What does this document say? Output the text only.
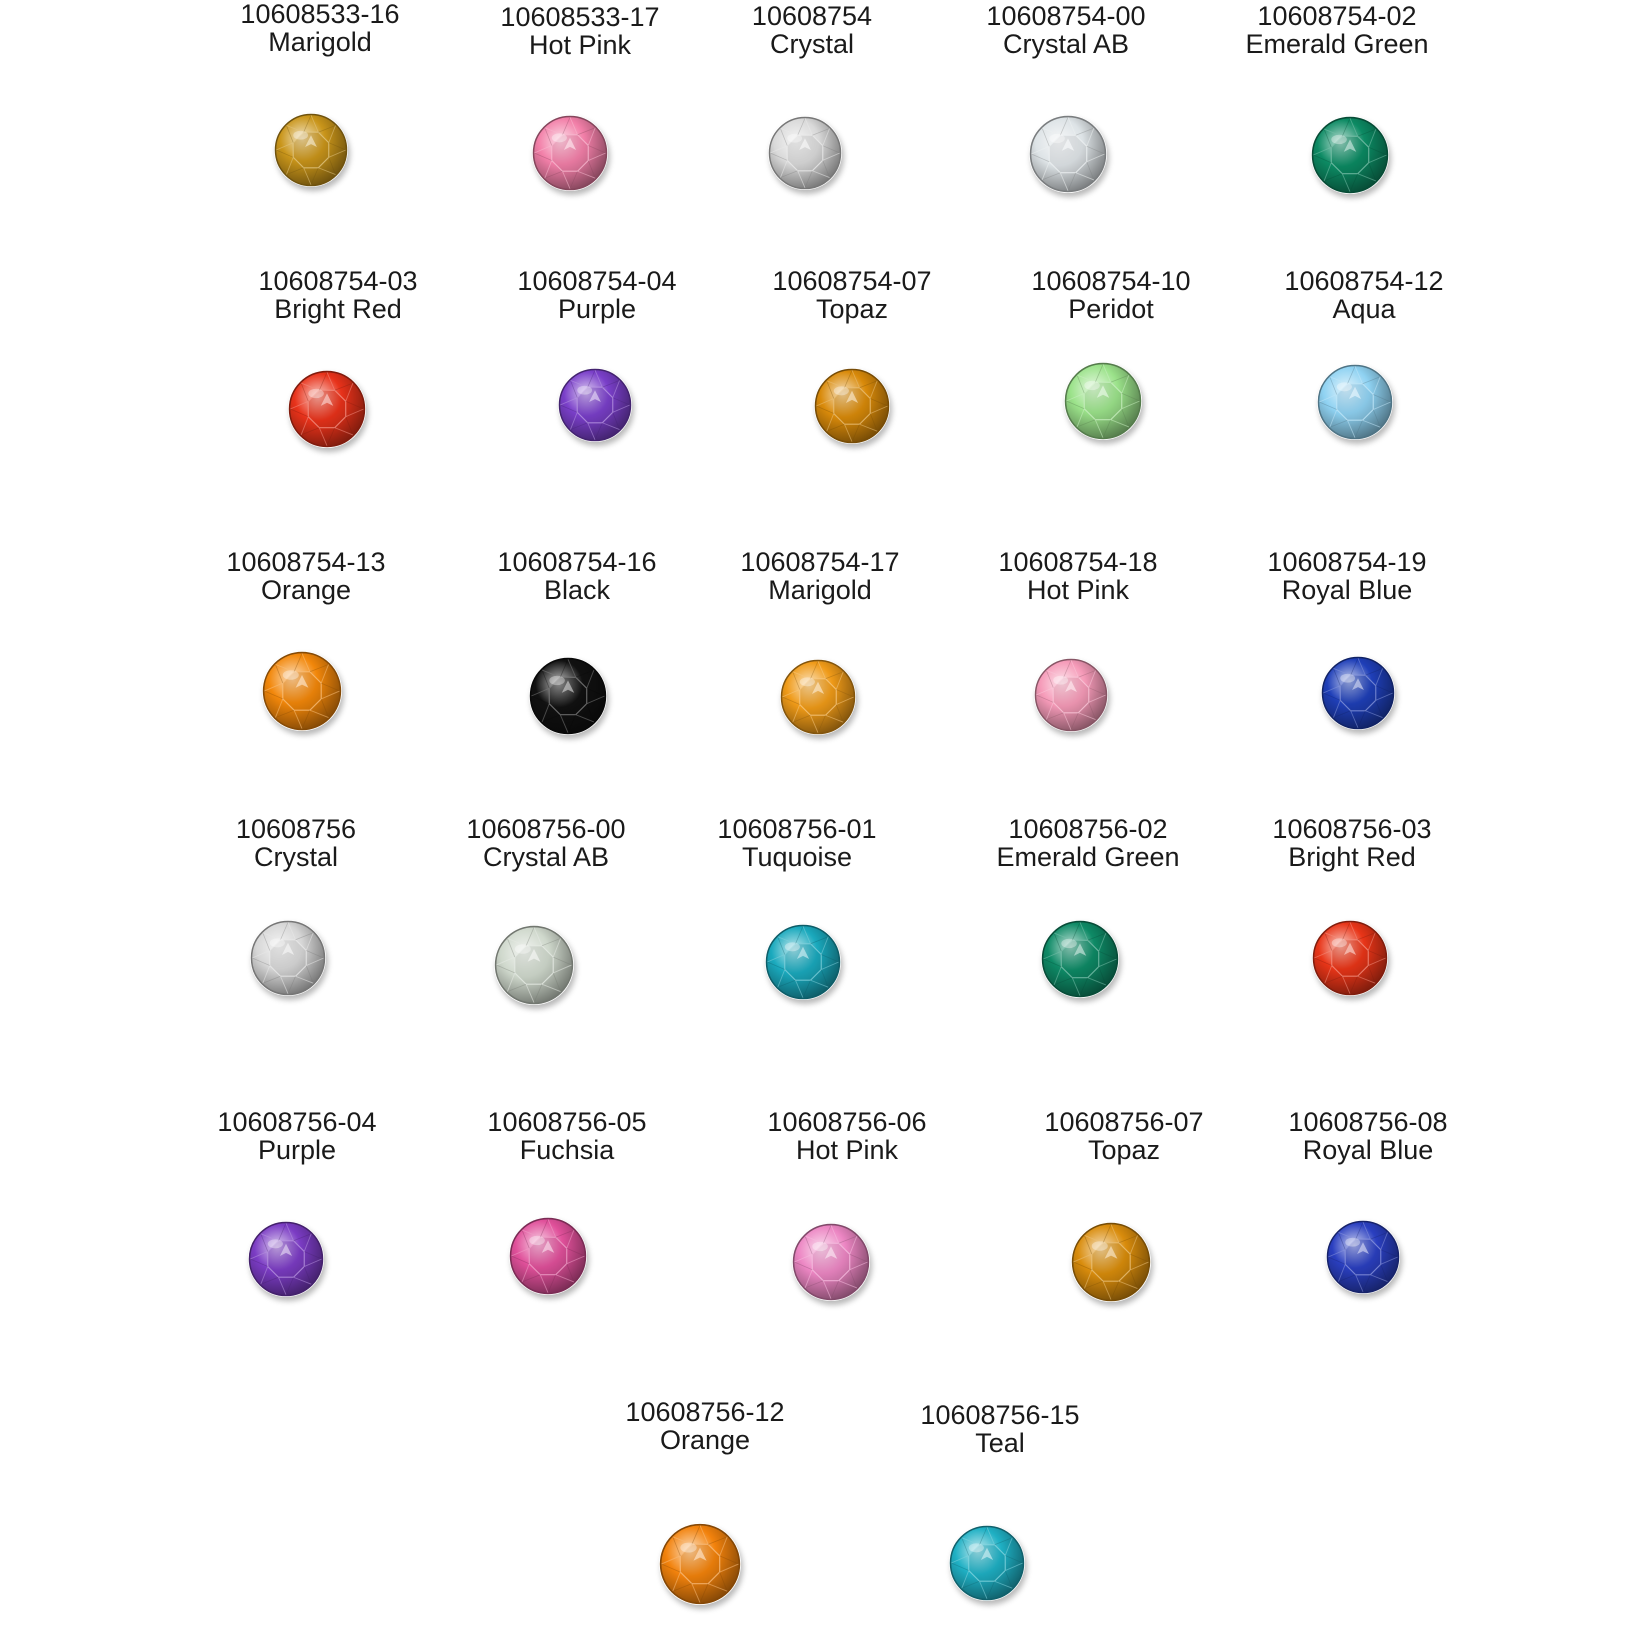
10608533-16
Marigold
10608533-17
Hot Pink
10608754
Crystal
10608754-00
Crystal AB
10608754-02
Emerald Green
10608754-03
Bright Red
10608754-04
Purple
10608754-07
Topaz
10608754-10
Peridot
10608754-12
Aqua
10608754-13
Orange
10608754-16
Black
10608754-17
Marigold
10608754-18
Hot Pink
10608754-19
Royal Blue
10608756
Crystal
10608756-00
Crystal AB
10608756-01
Tuquoise
10608756-02
Emerald Green
10608756-03
Bright Red
10608756-04
Purple
10608756-05
Fuchsia
10608756-06
Hot Pink
10608756-07
Topaz
10608756-08
Royal Blue
10608756-12
Orange
10608756-15
Teal
